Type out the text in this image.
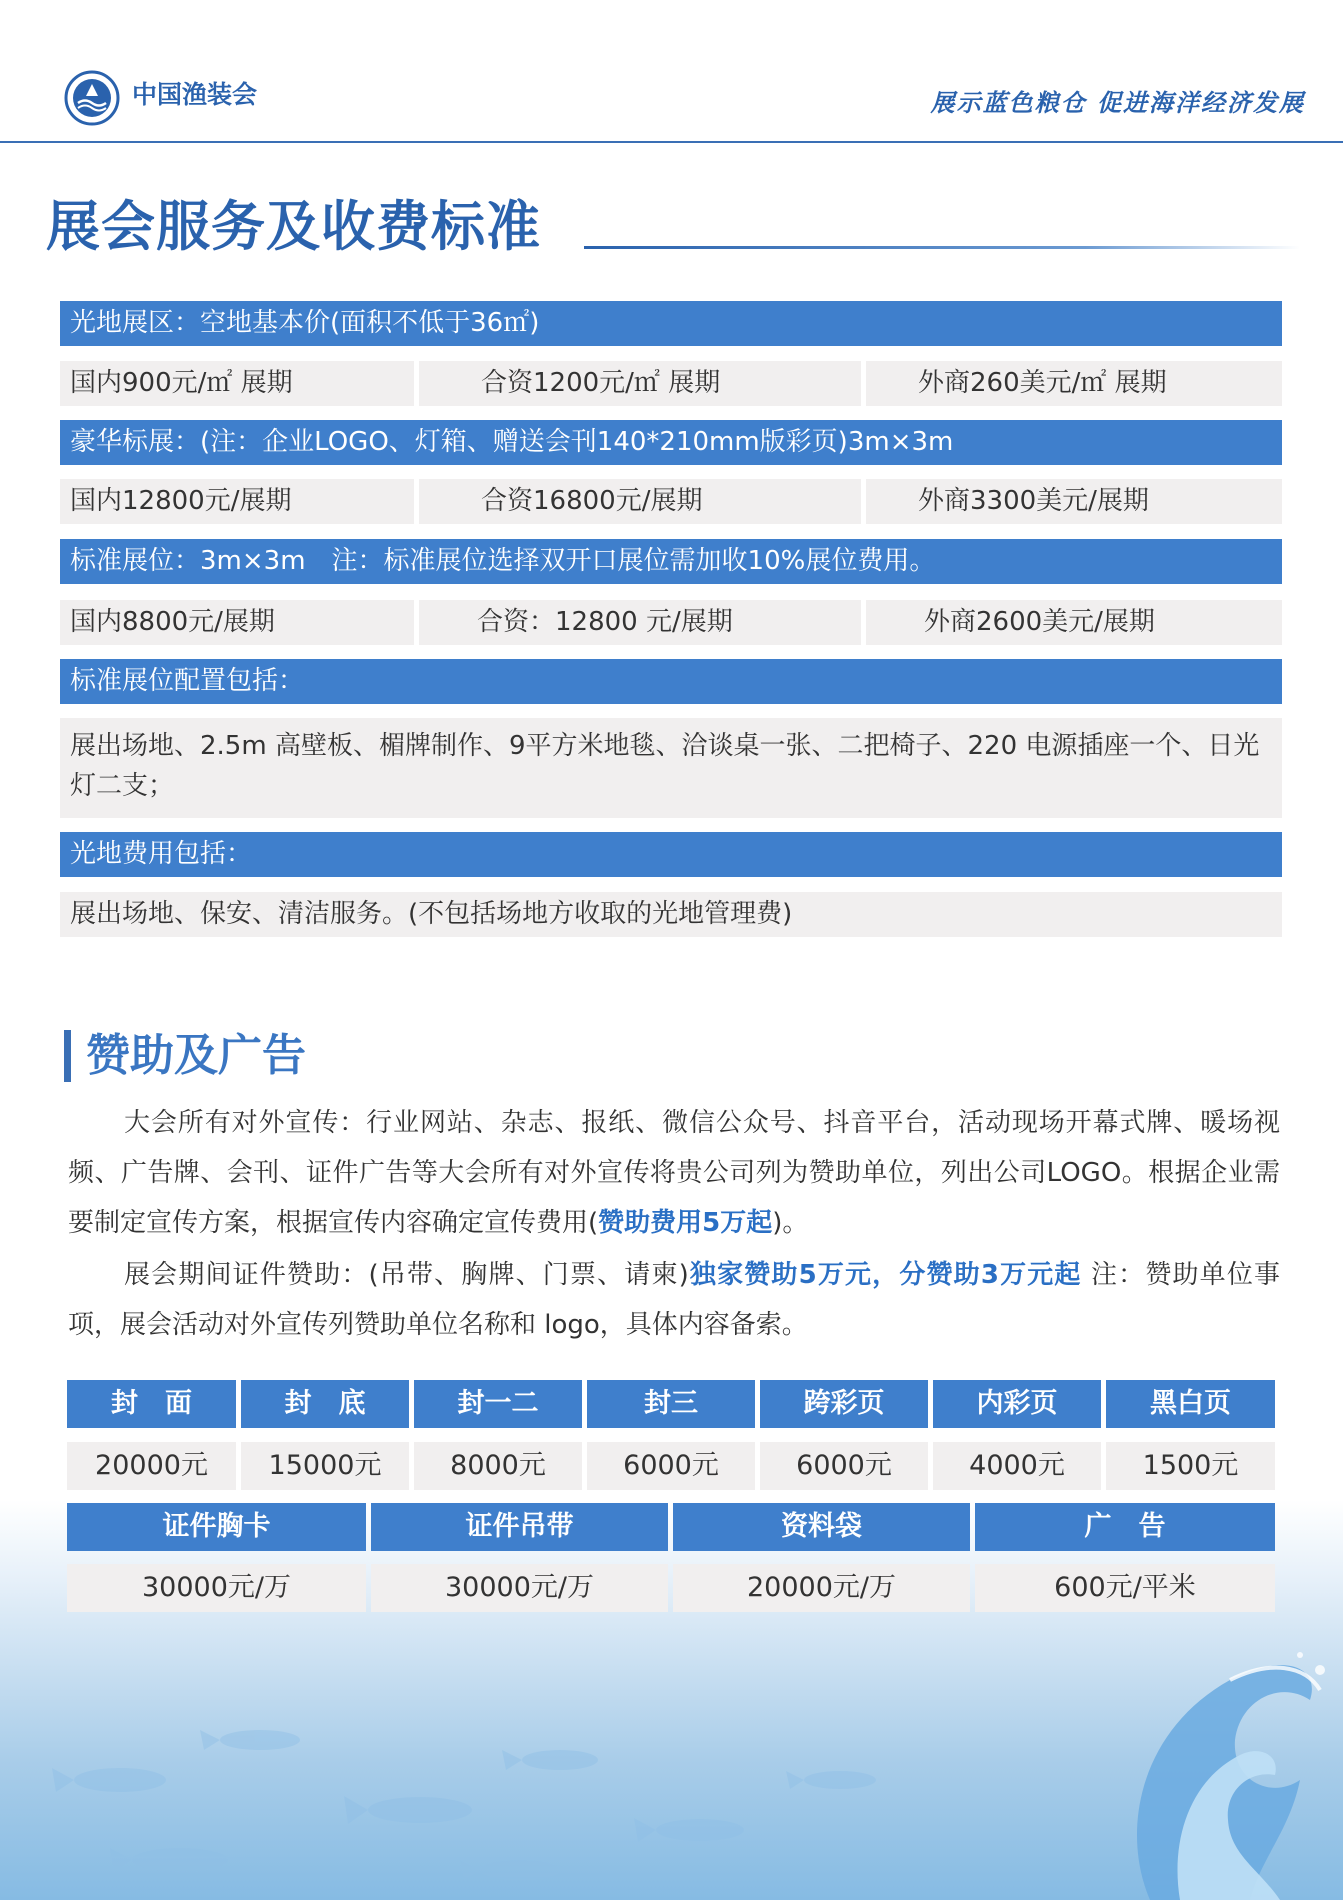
中国渔装会	展示蓝色粮仓 促进海洋经济发展
展会服务及收费标准
光地展区：空地基本价(面积不低于36㎡)
国内900元/㎡ 展期	合资1200元/㎡ 展期	外商260美元/㎡ 展期
豪华标展：(注：企业LOGO、灯箱、赠送会刊140*210mm版彩页)3m×3m
国内12800元/展期	合资16800元/展期	外商3300美元/展期
标准展位：3m×3m　注：标准展位选择双开口展位需加收10%展位费用。
国内8800元/展期	合资：12800 元/展期	外商2600美元/展期
标准展位配置包括：
展出场地、2.5m 高壁板、楣牌制作、9平方米地毯、洽谈桌一张、二把椅子、220 电源插座一个、日光灯二支；
光地费用包括：
展出场地、保安、清洁服务。(不包括场地方收取的光地管理费)
赞助及广告
大会所有对外宣传：行业网站、杂志、报纸、微信公众号、抖音平台，活动现场开幕式牌、暖场视频、广告牌、会刊、证件广告等大会所有对外宣传将贵公司列为赞助单位，列出公司LOGO。根据企业需要制定宣传方案，根据宣传内容确定宣传费用(赞助费用5万起)。
展会期间证件赞助：(吊带、胸牌、门票、请柬)独家赞助5万元，分赞助3万元起 注：赞助单位事项，展会活动对外宣传列赞助单位名称和 logo，具体内容备索。
封　面	封　底	封一二	封三	跨彩页	内彩页	黑白页
20000元	15000元	8000元	6000元	6000元	4000元	1500元
证件胸卡	证件吊带	资料袋	广　告
30000元/万	30000元/万	20000元/万	600元/平米
